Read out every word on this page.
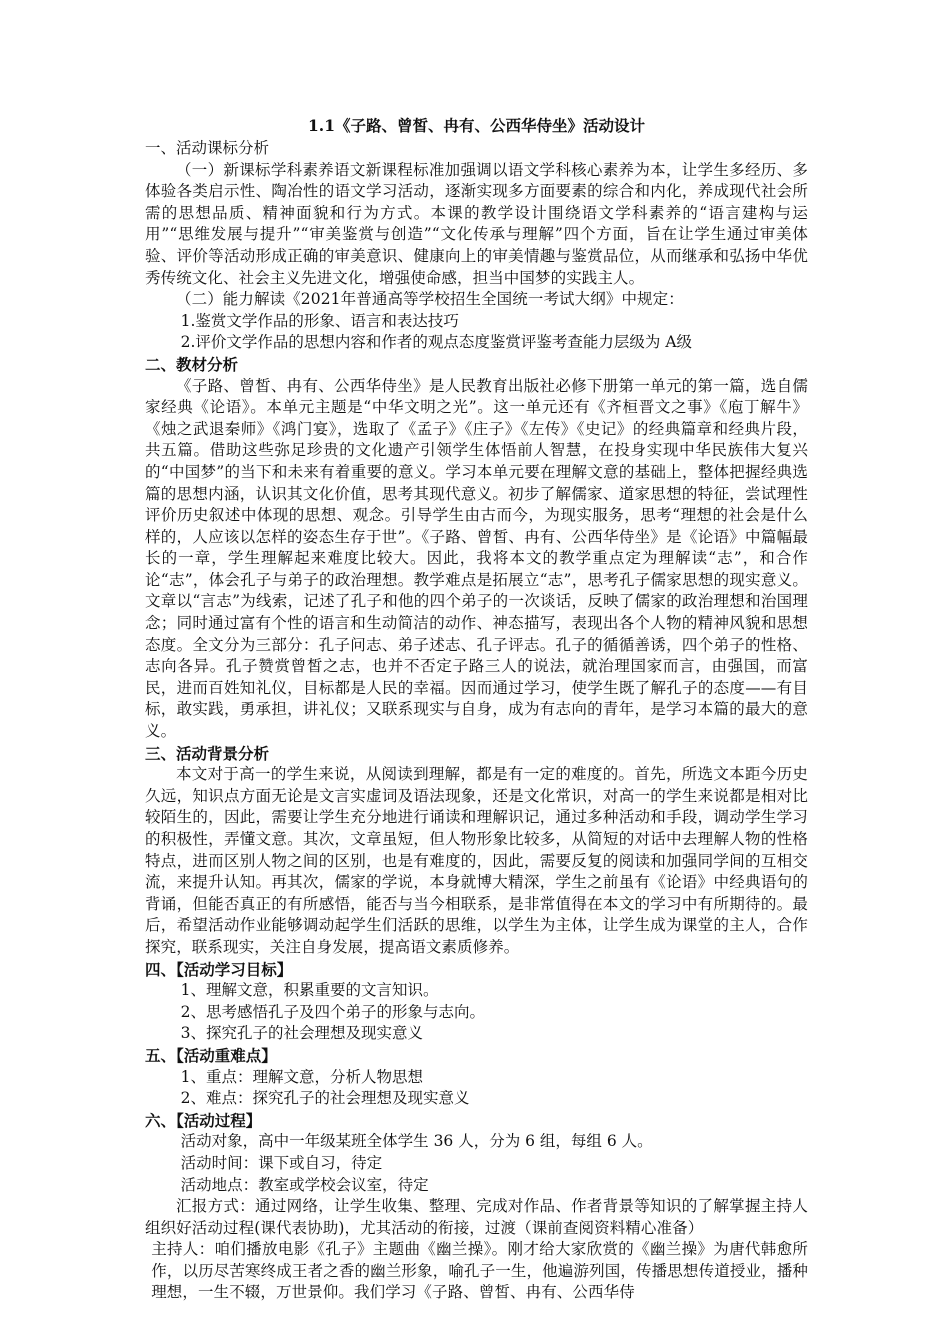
1.1《子路、曾皙、冉有、公西华侍坐》活动设计

一、活动课标分析

（一）新课标学科素养语文新课程标准加强调以语文学科核心素养为本，让学生多经历、多体验各类启示性、陶冶性的语文学习活动，逐渐实现多方面要素的综合和内化，养成现代社会所需的思想品质、精神面貌和行为方式。本课的教学设计围绕语文学科素养的“语言建构与运用”“思维发展与提升”“审美鉴赏与创造”“文化传承与理解”四个方面，旨在让学生通过审美体验、评价等活动形成正确的审美意识、健康向上的审美情趣与鉴赏品位，从而继承和弘扬中华优秀传统文化、社会主义先进文化，增强使命感，担当中国梦的实践主人。

（二）能力解读《2021年普通高等学校招生全国统一考试大纲》中规定：

1.鉴赏文学作品的形象、语言和表达技巧

2.评价文学作品的思想内容和作者的观点态度鉴赏评鉴考查能力层级为 A级

二、教材分析

《子路、曾皙、冉有、公西华侍坐》是人民教育出版社必修下册第一单元的第一篇，选自儒家经典《论语》。本单元主题是“中华文明之光”。这一单元还有《齐桓晋文之事》《庖丁解牛》《烛之武退秦师》《鸿门宴》，选取了《孟子》《庄子》《左传》《史记》的经典篇章和经典片段，共五篇。借助这些弥足珍贵的文化遗产引领学生体悟前人智慧，在投身实现中华民族伟大复兴的“中国梦”的当下和未来有着重要的意义。学习本单元要在理解文意的基础上，整体把握经典选篇的思想内涵，认识其文化价值，思考其现代意义。初步了解儒家、道家思想的特征，尝试理性评价历史叙述中体现的思想、观念。引导学生由古而今，为现实服务，思考“理想的社会是什么样的，人应该以怎样的姿态生存于世”。《子路、曾皙、冉有、公西华侍坐》是《论语》中篇幅最长的一章，学生理解起来难度比较大。因此，我将本文的教学重点定为理解读“志”，和合作论“志”，体会孔子与弟子的政治理想。教学难点是拓展立“志”，思考孔子儒家思想的现实意义。文章以“言志”为线索，记述了孔子和他的四个弟子的一次谈话，反映了儒家的政治理想和治国理念；同时通过富有个性的语言和生动简洁的动作、神态描写，表现出各个人物的精神风貌和思想态度。全文分为三部分：孔子问志、弟子述志、孔子评志。孔子的循循善诱，四个弟子的性格、志向各异。孔子赞赏曾皙之志，也并不否定子路三人的说法，就治理国家而言，由强国，而富民，进而百姓知礼仪，目标都是人民的幸福。因而通过学习，使学生既了解孔子的态度——有目标，敢实践，勇承担，讲礼仪；又联系现实与自身，成为有志向的青年，是学习本篇的最大的意义。

三、活动背景分析

本文对于高一的学生来说，从阅读到理解，都是有一定的难度的。首先，所选文本距今历史久远，知识点方面无论是文言实虚词及语法现象，还是文化常识，对高一的学生来说都是相对比较陌生的，因此，需要让学生充分地进行诵读和理解识记，通过多种活动和手段，调动学生学习的积极性，弄懂文意。其次，文章虽短，但人物形象比较多，从简短的对话中去理解人物的性格特点，进而区别人物之间的区别，也是有难度的，因此，需要反复的阅读和加强同学间的互相交流，来提升认知。再其次，儒家的学说，本身就博大精深，学生之前虽有《论语》中经典语句的背诵，但能否真正的有所感悟，能否与当今相联系，是非常值得在本文的学习中有所期待的。最后，希望活动作业能够调动起学生们活跃的思维，以学生为主体，让学生成为课堂的主人，合作探究，联系现实，关注自身发展，提高语文素质修养。

四、【活动学习目标】

1、理解文意，积累重要的文言知识。

2、思考感悟孔子及四个弟子的形象与志向。

3、探究孔子的社会理想及现实意义

五、【活动重难点】

1、重点：理解文意，分析人物思想

2、难点：探究孔子的社会理想及现实意义

六、【活动过程】

活动对象，高中一年级某班全体学生 36 人，分为 6 组，每组 6 人。

活动时间：课下或自习，待定

活动地点：教室或学校会议室，待定

汇报方式：通过网络，让学生收集、整理、完成对作品、作者背景等知识的了解掌握主持人组织好活动过程(课代表协助)，尤其活动的衔接，过渡（课前查阅资料精心准备）

主持人：咱们播放电影《孔子》主题曲《幽兰操》。刚才给大家欣赏的《幽兰操》为唐代韩愈所作，以历尽苦寒终成王者之香的幽兰形象，喻孔子一生，他遍游列国，传播思想传道授业，播种理想，一生不辍，万世景仰。我们学习《子路、曾皙、冉有、公西华侍
